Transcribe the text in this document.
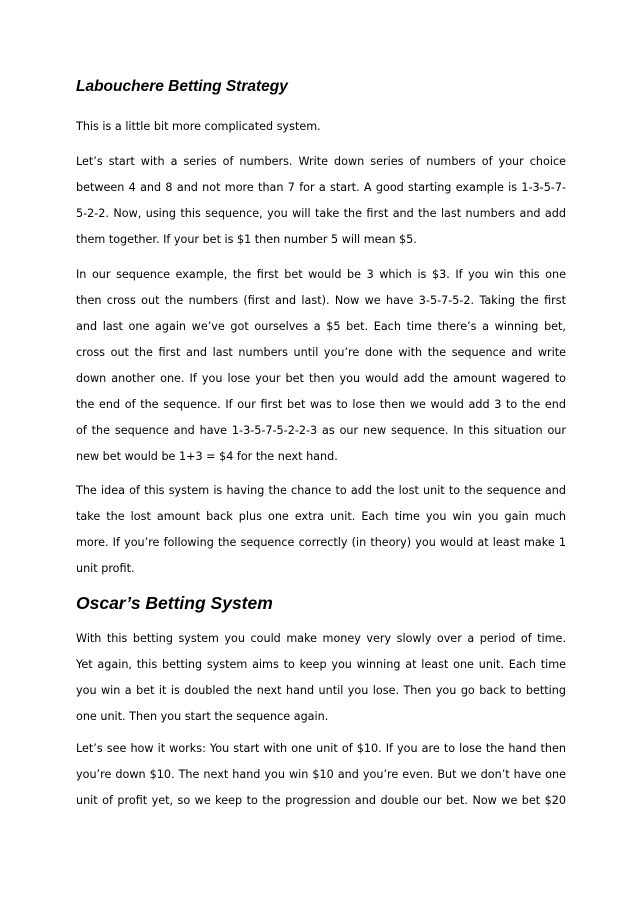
Labouchere Betting Strategy

This is a little bit more complicated system.

Let’s start with a series of numbers. Write down series of numbers of your choice
between 4 and 8 and not more than 7 for a start. A good starting example is 1-3-5-7-
5-2-2. Now, using this sequence, you will take the first and the last numbers and add
them together. If your bet is $1 then number 5 will mean $5.

In our sequence example, the first bet would be 3 which is $3. If you win this one
then cross out the numbers (first and last). Now we have 3-5-7-5-2. Taking the first
and last one again we’ve got ourselves a $5 bet. Each time there’s a winning bet,
cross out the first and last numbers until you’re done with the sequence and write
down another one. If you lose your bet then you would add the amount wagered to
the end of the sequence. If our first bet was to lose then we would add 3 to the end
of the sequence and have 1-3-5-7-5-2-2-3 as our new sequence. In this situation our
new bet would be 1+3 = $4 for the next hand.

The idea of this system is having the chance to add the lost unit to the sequence and
take the lost amount back plus one extra unit. Each time you win you gain much
more. If you’re following the sequence correctly (in theory) you would at least make 1
unit profit.

Oscar’s Betting System

With this betting system you could make money very slowly over a period of time.
Yet again, this betting system aims to keep you winning at least one unit. Each time
you win a bet it is doubled the next hand until you lose. Then you go back to betting
one unit. Then you start the sequence again.

Let’s see how it works: You start with one unit of $10. If you are to lose the hand then
you’re down $10. The next hand you win $10 and you’re even. But we don’t have one
unit of profit yet, so we keep to the progression and double our bet. Now we bet $20
